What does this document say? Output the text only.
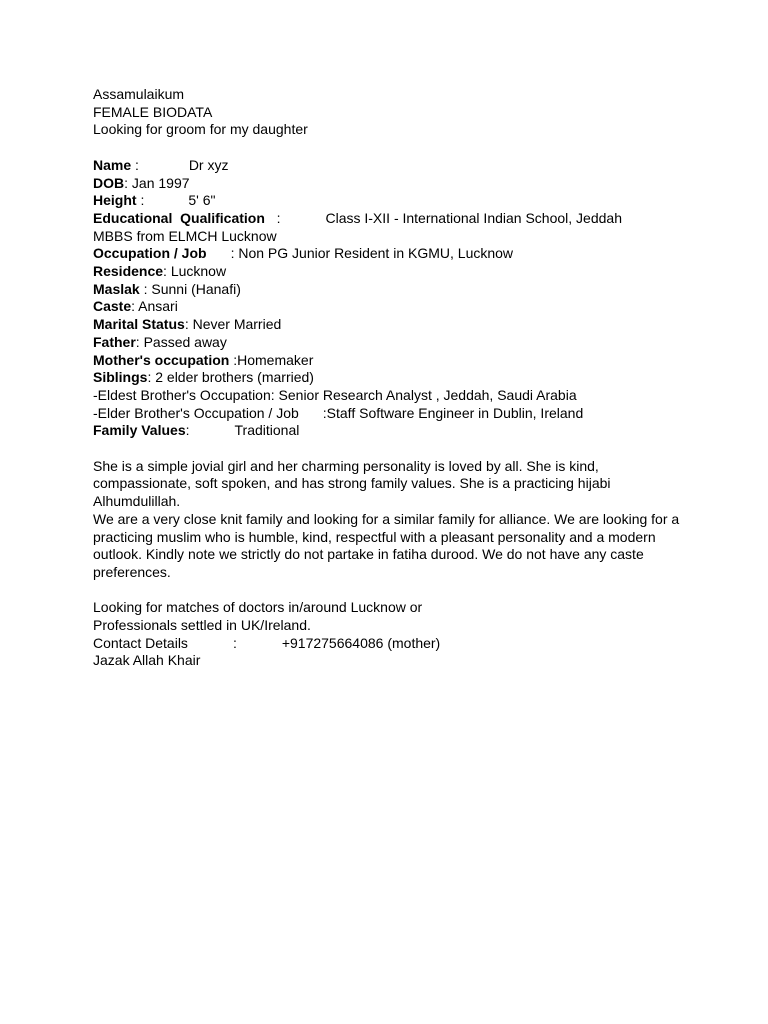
Assamulaikum
FEMALE BIODATA
Looking for groom for my daughter
Name :	Dr xyz
DOB: Jan 1997
Height :	5' 6"
Educational  Qualification   :	Class I-XII - International Indian School, Jeddah
MBBS from ELMCH Lucknow
Occupation / Job : Non PG Junior Resident in KGMU, Lucknow
Residence: Lucknow
Maslak : Sunni (Hanafi)
Caste: Ansari
Marital Status: Never Married
Father: Passed away
Mother's occupation :Homemaker
Siblings: 2 elder brothers (married)
-Eldest Brother's Occupation: Senior Research Analyst , Jeddah, Saudi Arabia
-Elder Brother's Occupation / Job :Staff Software Engineer in Dublin, Ireland
Family Values:	Traditional
She is a simple jovial girl and her charming personality is loved by all. She is kind, compassionate, soft spoken, and has strong family values. She is a practicing hijabi Alhumdulillah.
We are a very close knit family and looking for a similar family for alliance. We are looking for a practicing muslim who is humble, kind, respectful with a pleasant personality and a modern outlook. Kindly note we strictly do not partake in fatiha durood. We do not have any caste preferences.
Looking for matches of doctors in/around Lucknow or
Professionals settled in UK/Ireland.
Contact Details	:	+917275664086 (mother)
Jazak Allah Khair
